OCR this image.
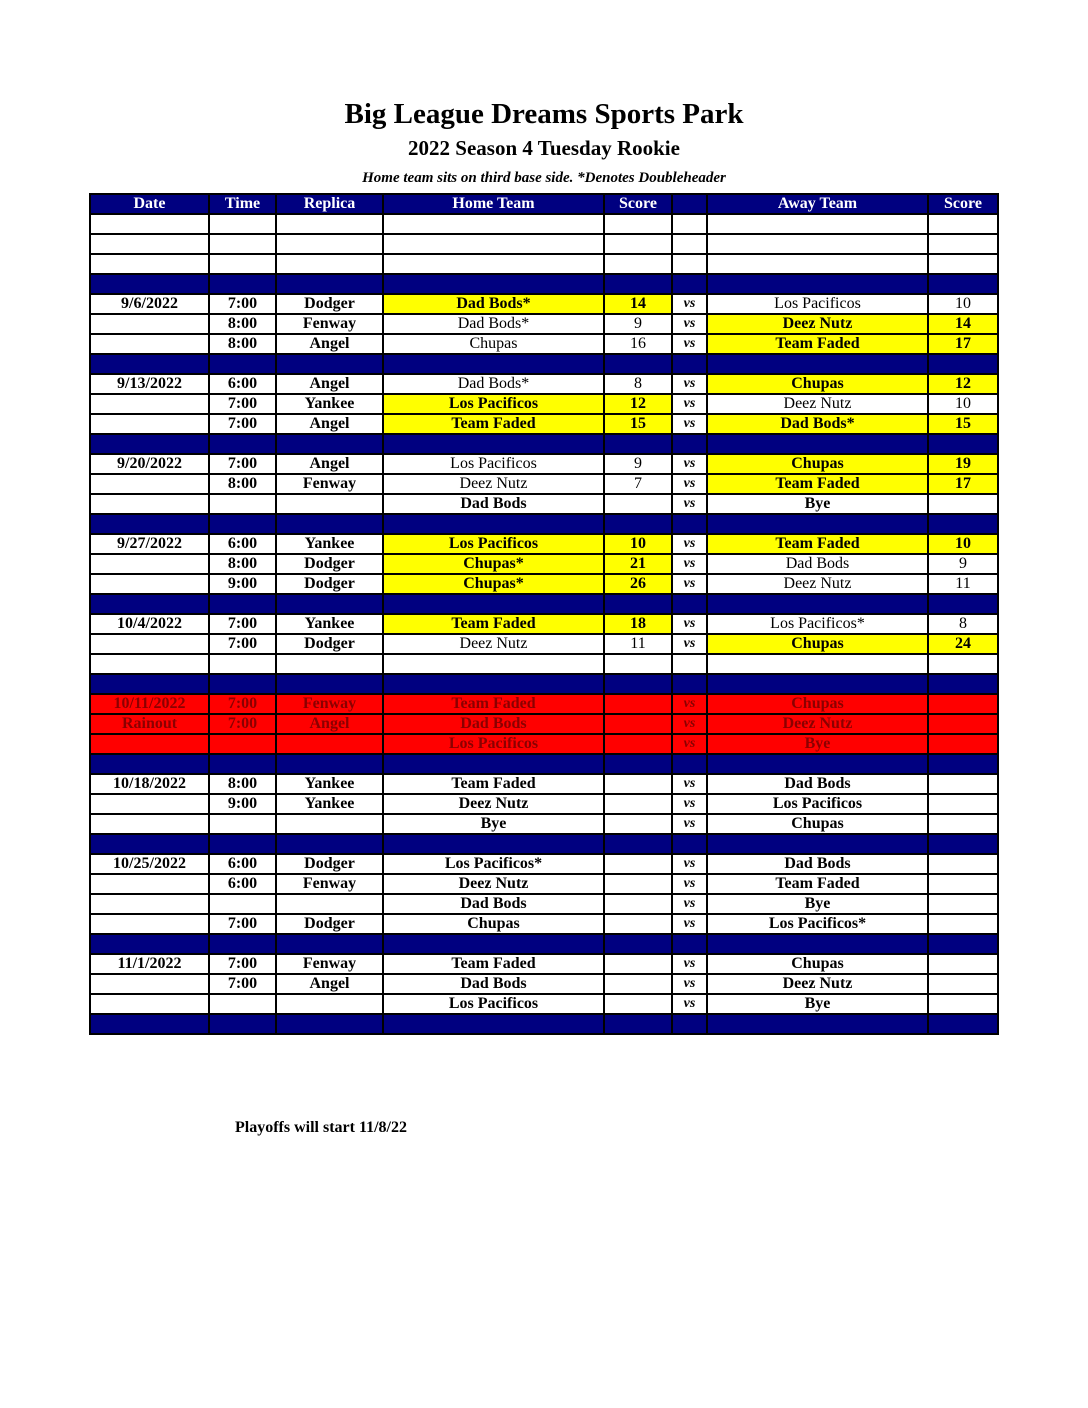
Big League Dreams Sports Park
2022 Season 4 Tuesday Rookie
Home team sits on third base side. *Denotes Doubleheader
Date	Time	Replica	Home Team	Score		Away Team	Score

9/6/2022	7:00	Dodger	Dad Bods*	14	vs	Los Pacificos	10
	8:00	Fenway	Dad Bods*	9	vs	Deez Nutz	14
	8:00	Angel	Chupas	16	vs	Team Faded	17

9/13/2022	6:00	Angel	Dad Bods*	8	vs	Chupas	12
	7:00	Yankee	Los Pacificos	12	vs	Deez Nutz	10
	7:00	Angel	Team Faded	15	vs	Dad Bods*	15

9/20/2022	7:00	Angel	Los Pacificos	9	vs	Chupas	19
	8:00	Fenway	Deez Nutz	7	vs	Team Faded	17
			Dad Bods		vs	Bye	

9/27/2022	6:00	Yankee	Los Pacificos	10	vs	Team Faded	10
	8:00	Dodger	Chupas*	21	vs	Dad Bods	9
	9:00	Dodger	Chupas*	26	vs	Deez Nutz	11

10/4/2022	7:00	Yankee	Team Faded	18	vs	Los Pacificos*	8
	7:00	Dodger	Deez Nutz	11	vs	Chupas	24

10/11/2022	7:00	Fenway	Team Faded		vs	Chupas	
Rainout	7:00	Angel	Dad Bods		vs	Deez Nutz	
			Los Pacificos		vs	Bye	

10/18/2022	8:00	Yankee	Team Faded		vs	Dad Bods	
	9:00	Yankee	Deez Nutz		vs	Los Pacificos	
			Bye		vs	Chupas	

10/25/2022	6:00	Dodger	Los Pacificos*		vs	Dad Bods	
	6:00	Fenway	Deez Nutz		vs	Team Faded	
			Dad Bods		vs	Bye	
	7:00	Dodger	Chupas		vs	Los Pacificos*	

11/1/2022	7:00	Fenway	Team Faded		vs	Chupas	
	7:00	Angel	Dad Bods		vs	Deez Nutz	
			Los Pacificos		vs	Bye	

Playoffs will start 11/8/22
